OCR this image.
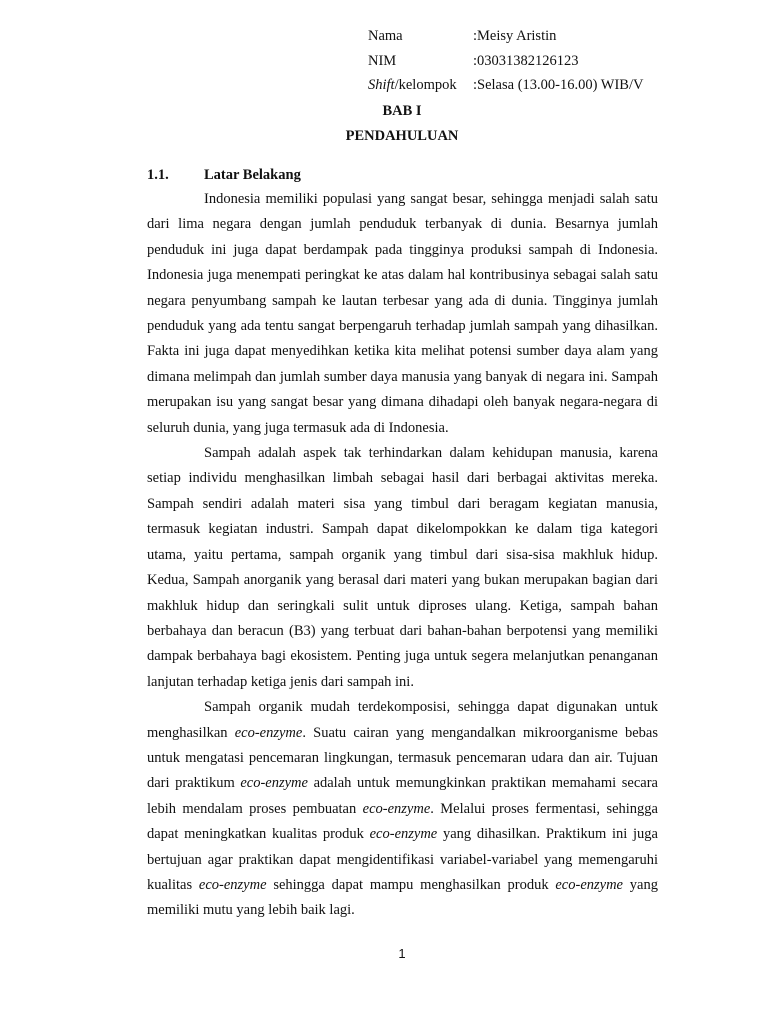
Nama	:Meisy Aristin
NIM	:03031382126123
Shift/kelompok	:Selasa (13.00-16.00) WIB/V
BAB I
PENDAHULUAN
1.1.	Latar Belakang

Indonesia memiliki populasi yang sangat besar, sehingga menjadi salah satu dari lima negara dengan jumlah penduduk terbanyak di dunia. Besarnya jumlah penduduk ini juga dapat berdampak pada tingginya produksi sampah di Indonesia. Indonesia juga menempati peringkat ke atas dalam hal kontribusinya sebagai salah satu negara penyumbang sampah ke lautan terbesar yang ada di dunia. Tingginya jumlah penduduk yang ada tentu sangat berpengaruh terhadap jumlah sampah yang dihasilkan. Fakta ini juga dapat menyedihkan ketika kita melihat potensi sumber daya alam yang dimana melimpah dan jumlah sumber daya manusia yang banyak di negara ini. Sampah merupakan isu yang sangat besar yang dimana dihadapi oleh banyak negara-negara di seluruh dunia, yang juga termasuk ada di Indonesia.

Sampah adalah aspek tak terhindarkan dalam kehidupan manusia, karena setiap individu menghasilkan limbah sebagai hasil dari berbagai aktivitas mereka. Sampah sendiri adalah materi sisa yang timbul dari beragam kegiatan manusia, termasuk kegiatan industri. Sampah dapat dikelompokkan ke dalam tiga kategori utama, yaitu pertama, sampah organik yang timbul dari sisa-sisa makhluk hidup. Kedua, Sampah anorganik yang berasal dari materi yang bukan merupakan bagian dari makhluk hidup dan seringkali sulit untuk diproses ulang. Ketiga, sampah bahan berbahaya dan beracun (B3) yang terbuat dari bahan-bahan berpotensi yang memiliki dampak berbahaya bagi ekosistem. Penting juga untuk segera melanjutkan penanganan lanjutan terhadap ketiga jenis dari sampah ini.

Sampah organik mudah terdekomposisi, sehingga dapat digunakan untuk menghasilkan eco-enzyme. Suatu cairan yang mengandalkan mikroorganisme bebas untuk mengatasi pencemaran lingkungan, termasuk pencemaran udara dan air. Tujuan dari praktikum eco-enzyme adalah untuk memungkinkan praktikan memahami secara lebih mendalam proses pembuatan eco-enzyme. Melalui proses fermentasi, sehingga dapat meningkatkan kualitas produk eco-enzyme yang dihasilkan. Praktikum ini juga bertujuan agar praktikan dapat mengidentifikasi variabel-variabel yang memengaruhi kualitas eco-enzyme sehingga dapat mampu menghasilkan produk eco-enzyme yang memiliki mutu yang lebih baik lagi.

1
